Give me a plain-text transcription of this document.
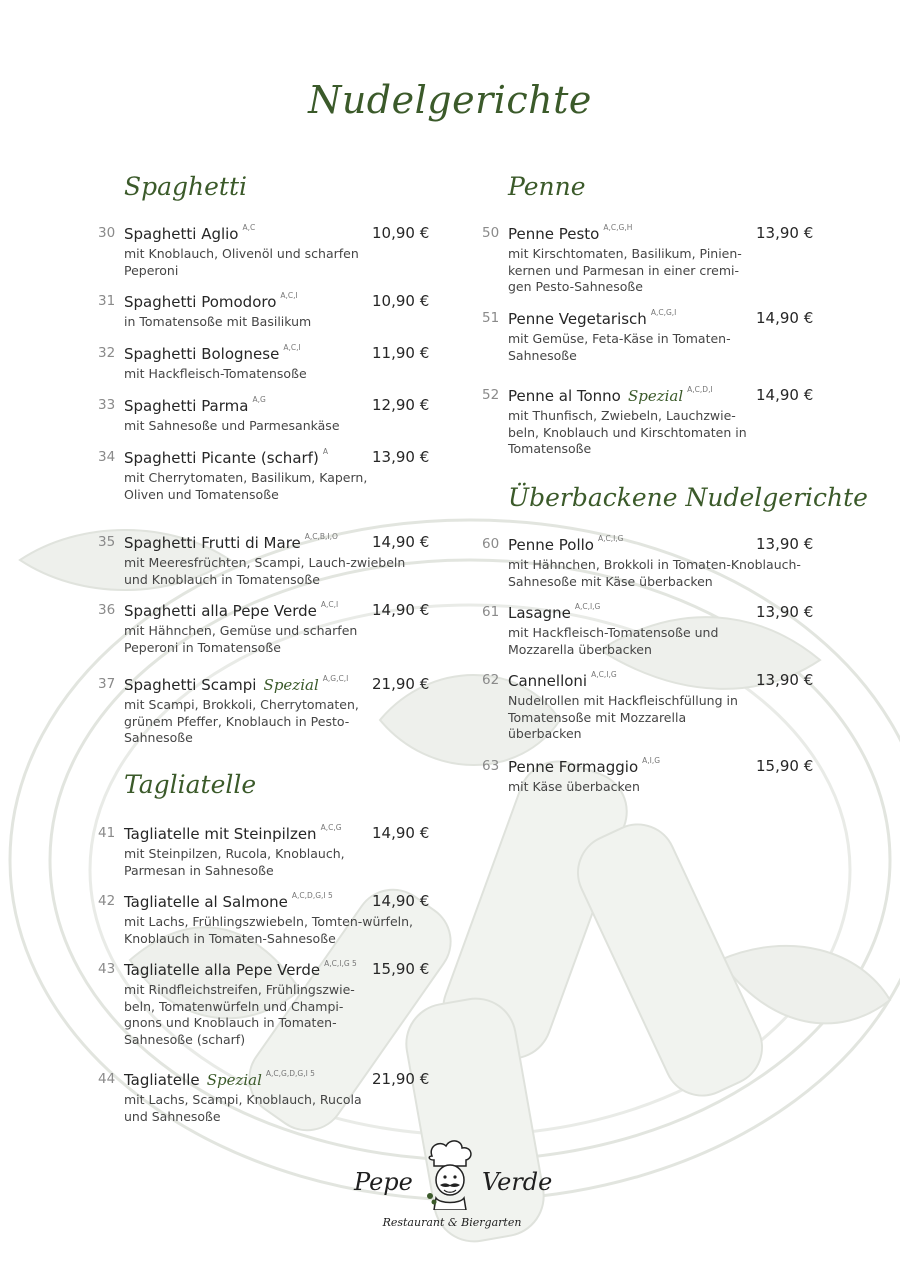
Nudelgerichte
Spaghetti
Tagliatelle
Penne
Überbackene Nudelgerichte
30 Spaghetti Aglio $^{A,C}$	10,90 €
mit Knoblauch, Olivenöl und scharfen Peperoni
31 Spaghetti Pomodoro $^{A,C,I}$	10,90 €
in Tomatensoße mit Basilikum
32 Spaghetti Bolognese $^{A,C,I}$	11,90 €
mit Hackfleisch-Tomatensoße
33 Spaghetti Parma $^{A,G}$	12,90 €
mit Sahnesoße und Parmesankäse
34 Spaghetti Picante (scharf) $^A$	13,90 €
mit Cherrytomaten, Basilikum, Kapern, Oliven und Tomatensoße
35 Spaghetti Frutti di Mare $^{A,C,B,I,O}$ 14,90 €
mit Meeresfrüchten, Scampi, Lauch-zwiebeln und Knoblauch in Tomatensoße
36 Spaghetti alla Pepe Verde $^{A,C,I}$ 14,90 €
mit Hähnchen, Gemüse und scharfen Peperoni in Tomatensoße
37 Spaghetti Scampi Spezial $^{A,G,C,I}$ 21,90 €
mit Scampi, Brokkoli, Cherrytomaten, grünem Pfeffer, Knoblauch in Pesto-Sahnesoße
41 Tagliatelle mit Steinpilzen $^{A,C,G}$ 14,90 €
mit Steinpilzen, Rucola, Knoblauch, Parmesan in Sahnesoße
42 Tagliatelle al Salmone $^{A,C,D,G,I 5}$	14,90 €
mit Lachs, Frühlingszwiebeln, Tomten-würfeln, Knoblauch in Tomaten-Sahnesoße
43 Tagliatelle alla Pepe Verde $^{A,C,I,G 5}$ 15,90 €
mit Rindfleichstreifen, Frühlingszwie-beln, Tomatenwürfeln und Champi-gnons und Knoblauch in Tomaten-Sahnesoße (scharf)
44 Tagliatelle Spezial $^{A,C,G,D,G,I 5}$	21,90 €
mit Lachs, Scampi, Knoblauch, Rucola und Sahnesoße
50 Penne Pesto $^{A,C,G,H}$	13,90 €
mit Kirschtomaten, Basilikum, Pinien-kernen und Parmesan in einer cremi-gen Pesto-Sahnesoße
51 Penne Vegetarisch $^{A,C,G,I}$	14,90 €
mit Gemüse, Feta-Käse in Tomaten-Sahnesoße
52 Penne al Tonno Spezial $^{A,C,D,I}$	14,90 €
mit Thunfisch, Zwiebeln, Lauchzwie-beln, Knoblauch und Kirschtomaten in Tomatensoße
60 Penne Pollo $^{A,C,I,G}$	13,90 €
mit Hähnchen, Brokkoli in Tomaten-Knoblauch-Sahnesoße mit Käse überbacken
61 Lasagne $^{A,C,I,G}$	13,90 €
mit Hackfleisch-Tomatensoße und Mozzarella überbacken
62 Cannelloni $^{A,C,I,G}$	13,90 €
Nudelrollen mit Hackfleischfüllung in Tomatensoße mit Mozzarella überbacken
63 Penne Formaggio $^{A,I,G}$	15,90 €
mit Käse überbacken
Pepe	Verde
Restaurant & Biergarten
